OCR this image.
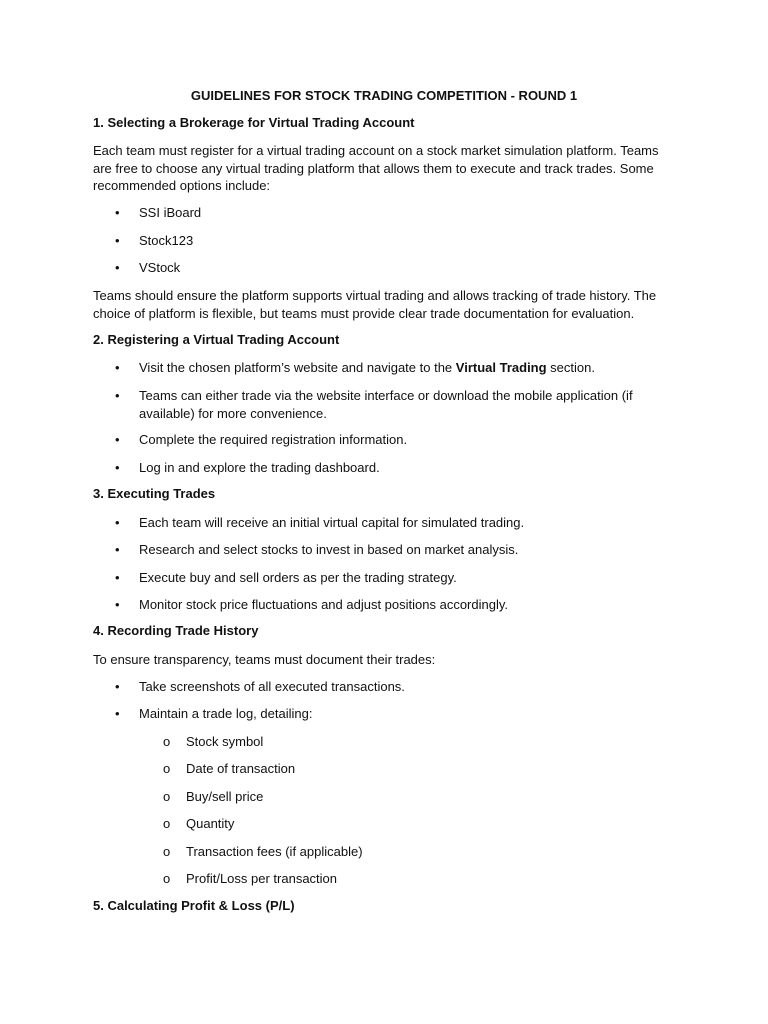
GUIDELINES FOR STOCK TRADING COMPETITION - ROUND 1
1. Selecting a Brokerage for Virtual Trading Account
Each team must register for a virtual trading account on a stock market simulation platform. Teams are free to choose any virtual trading platform that allows them to execute and track trades. Some recommended options include:
• SSI iBoard
• Stock123
• VStock
Teams should ensure the platform supports virtual trading and allows tracking of trade history. The choice of platform is flexible, but teams must provide clear trade documentation for evaluation.
2. Registering a Virtual Trading Account
• Visit the chosen platform’s website and navigate to the Virtual Trading section.
• Teams can either trade via the website interface or download the mobile application (if available) for more convenience.
• Complete the required registration information.
• Log in and explore the trading dashboard.
3. Executing Trades
• Each team will receive an initial virtual capital for simulated trading.
• Research and select stocks to invest in based on market analysis.
• Execute buy and sell orders as per the trading strategy.
• Monitor stock price fluctuations and adjust positions accordingly.
4. Recording Trade History
To ensure transparency, teams must document their trades:
• Take screenshots of all executed transactions.
• Maintain a trade log, detailing:
o Stock symbol
o Date of transaction
o Buy/sell price
o Quantity
o Transaction fees (if applicable)
o Profit/Loss per transaction
5. Calculating Profit & Loss (P/L)
